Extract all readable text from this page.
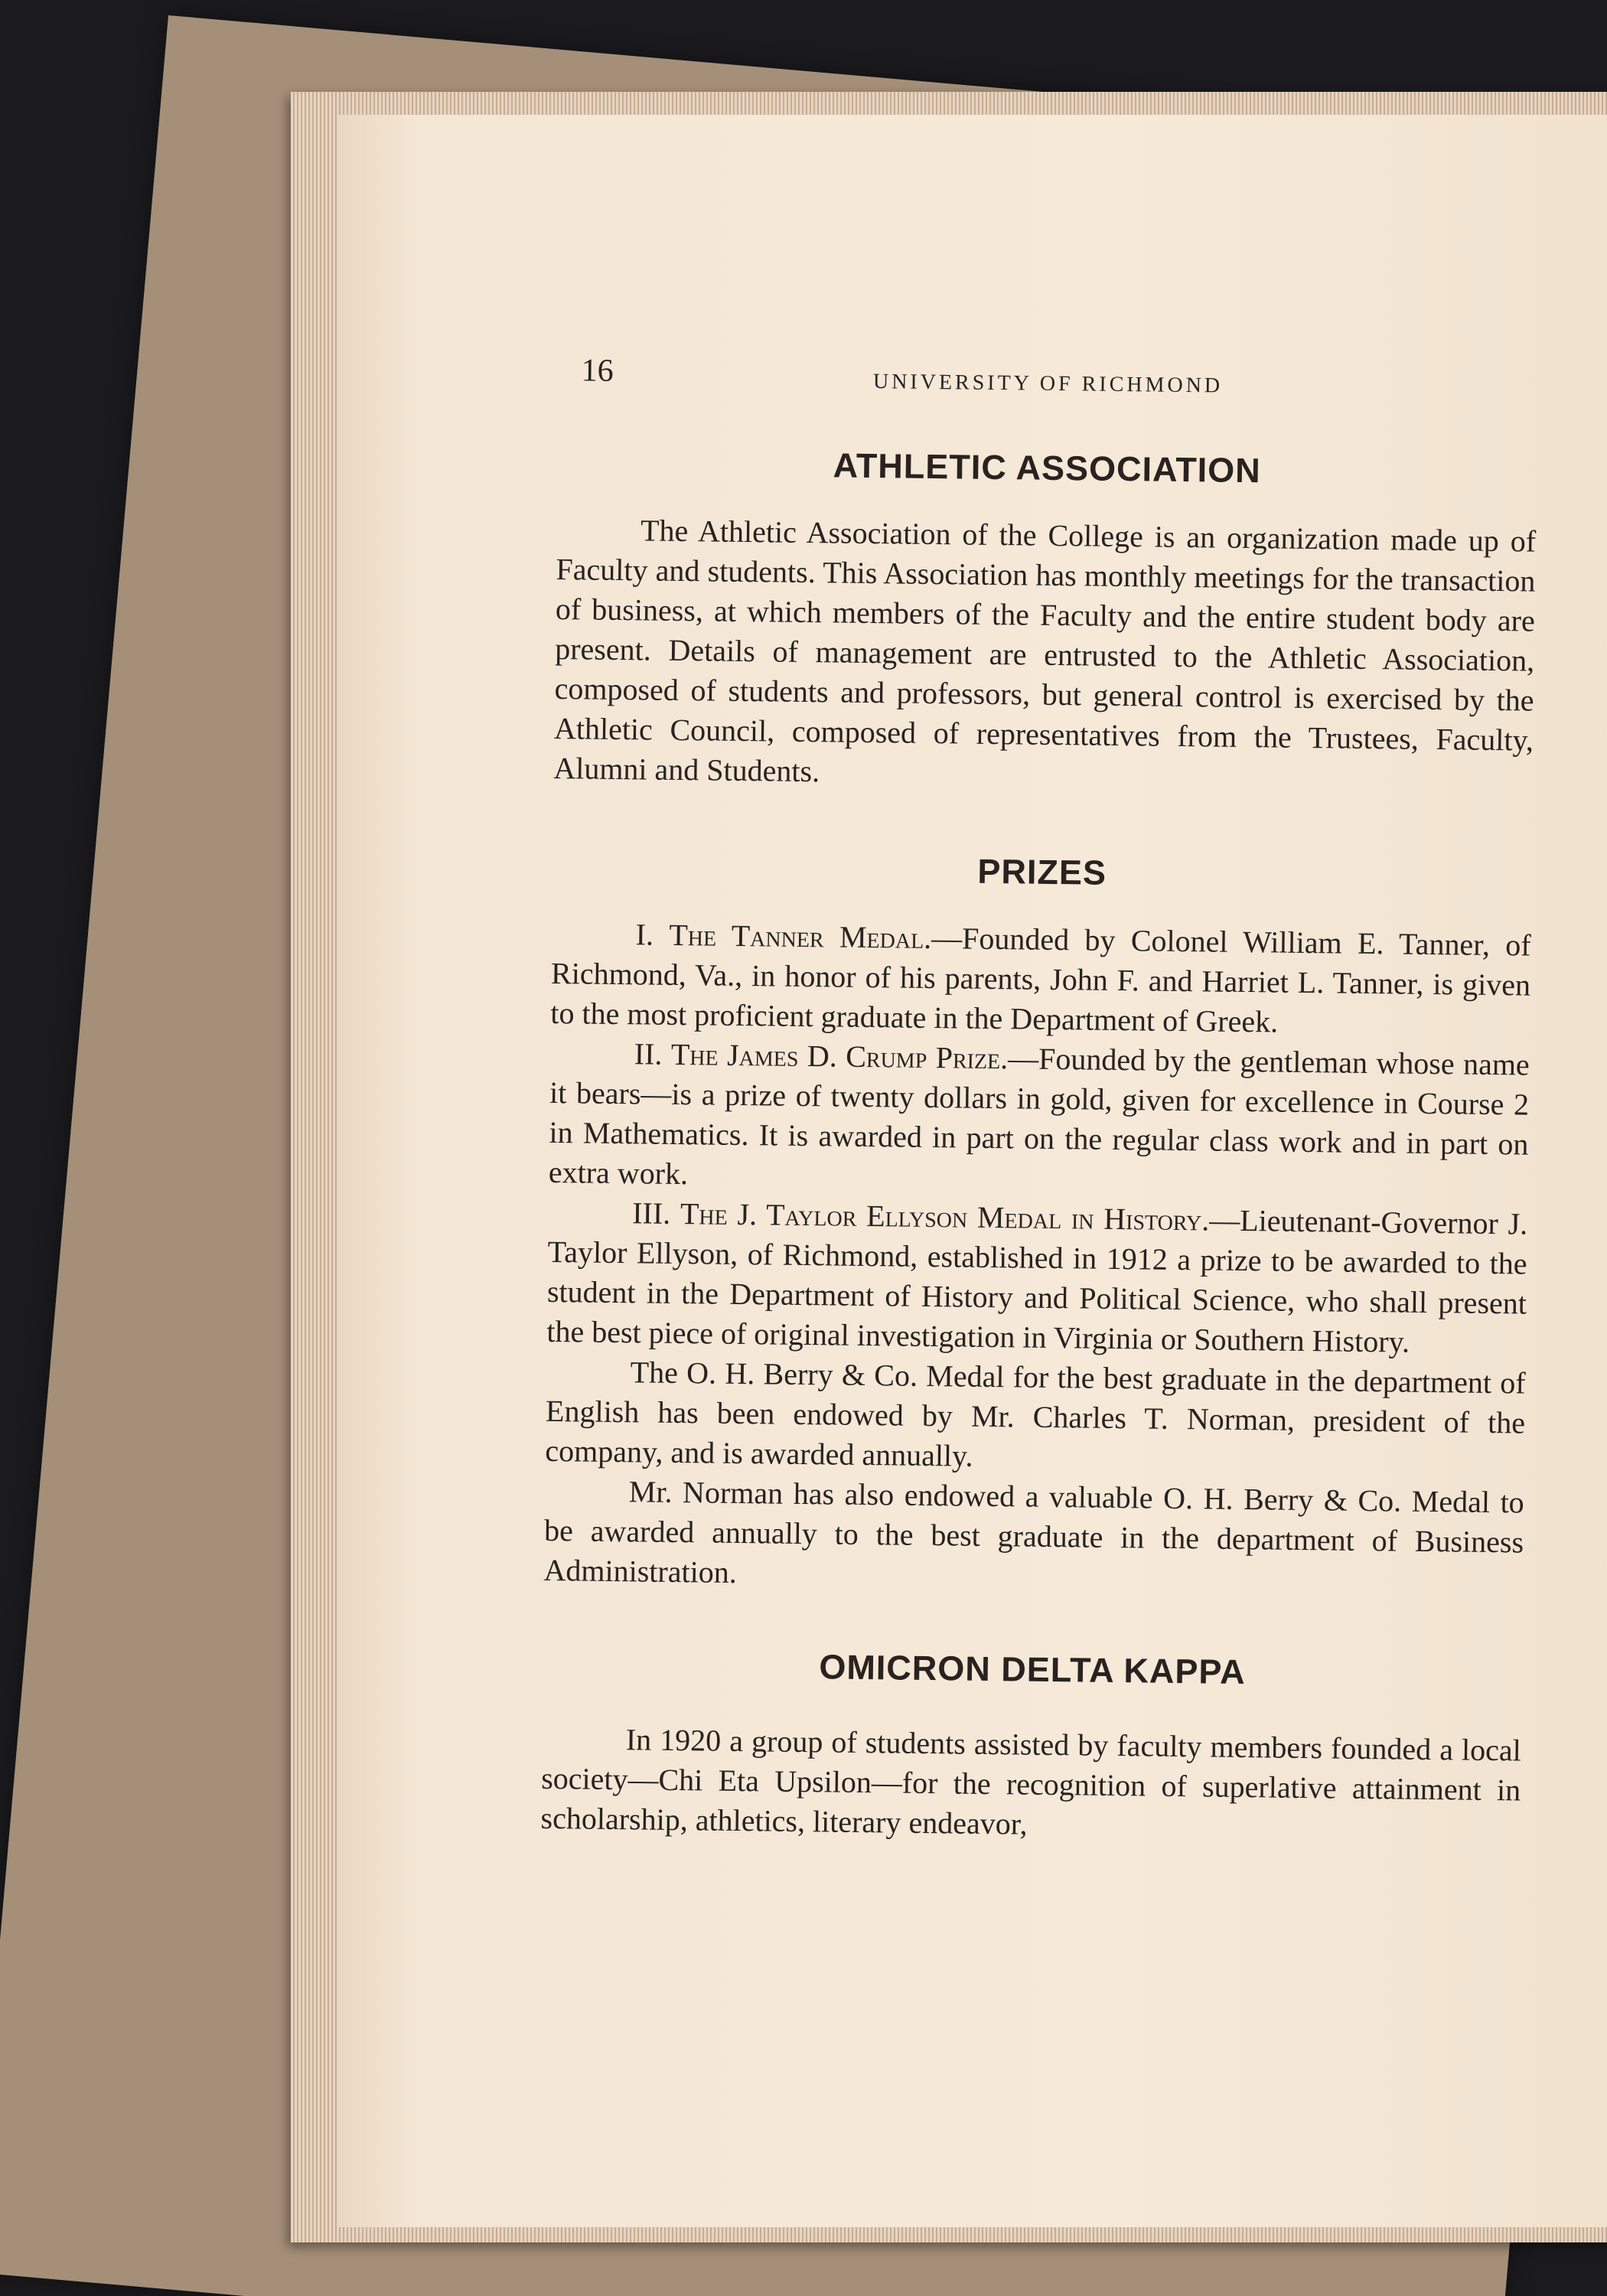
16	UNIVERSITY OF RICHMOND
ATHLETIC ASSOCIATION

The Athletic Association of the College is an organization made up of Faculty and students. This Association has monthly meetings for the transaction of business, at which members of the Faculty and the entire student body are present. Details of management are entrusted to the Athletic Association, composed of students and professors, but general control is exercised by the Athletic Council, composed of representatives from the Trustees, Faculty, Alumni and Students.

PRIZES

I. The Tanner Medal.—Founded by Colonel William E. Tanner, of Richmond, Va., in honor of his parents, John F. and Harriet L. Tanner, is given to the most proficient graduate in the Department of Greek.

II. The James D. Crump Prize.—Founded by the gentleman whose name it bears—is a prize of twenty dollars in gold, given for excellence in Course 2 in Mathematics. It is awarded in part on the regular class work and in part on extra work.

III. The J. Taylor Ellyson Medal in History.—Lieutenant-Governor J. Taylor Ellyson, of Richmond, established in 1912 a prize to be awarded to the student in the Department of History and Political Science, who shall present the best piece of original investigation in Virginia or Southern History.

The O. H. Berry & Co. Medal for the best graduate in the department of English has been endowed by Mr. Charles T. Norman, president of the company, and is awarded annually.

Mr. Norman has also endowed a valuable O. H. Berry & Co. Medal to be awarded annually to the best graduate in the department of Business Administration.

OMICRON DELTA KAPPA

In 1920 a group of students assisted by faculty members founded a local society—Chi Eta Upsilon—for the recognition of superlative attainment in scholarship, athletics, literary endeavor,
